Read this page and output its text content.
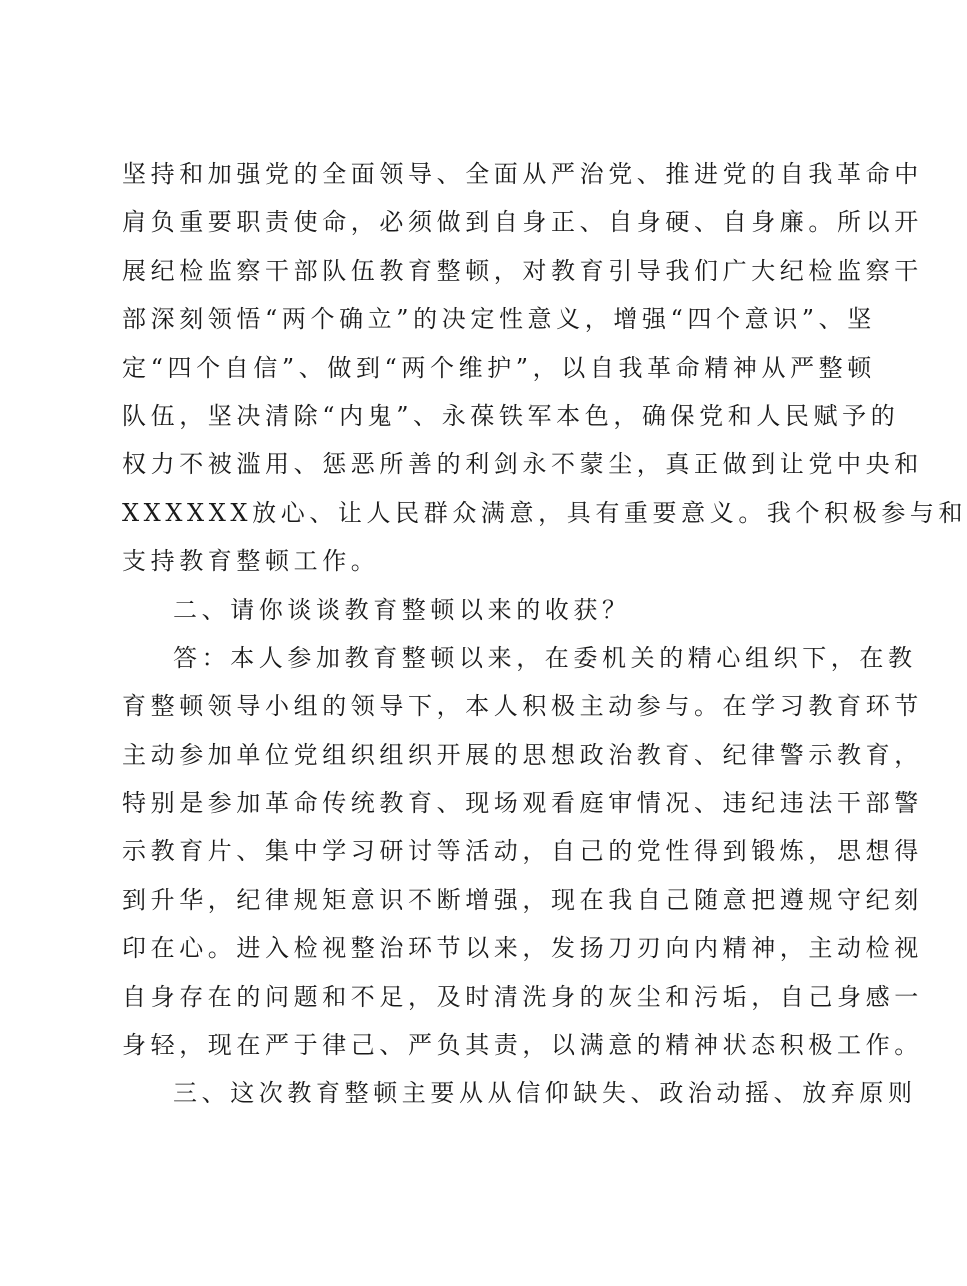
坚持和加强党的全面领导、全面从严治党、推进党的自我革命中
肩负重要职责使命，必须做到自身正、自身硬、自身廉。所以开
展纪检监察干部队伍教育整顿，对教育引导我们广大纪检监察干
部深刻领悟“两个确立”的决定性意义，增强“四个意识”、坚
定“四个自信”、做到“两个维护”，以自我革命精神从严整顿
队伍，坚决清除“内鬼”、永葆铁军本色，确保党和人民赋予的
权力不被滥用、惩恶所善的利剑永不蒙尘，真正做到让党中央和
XXXXXX放心、让人民群众满意，具有重要意义。我个积极参与和
支持教育整顿工作。
二、请你谈谈教育整顿以来的收获？
答：本人参加教育整顿以来，在委机关的精心组织下，在教
育整顿领导小组的领导下，本人积极主动参与。在学习教育环节
主动参加单位党组织组织开展的思想政治教育、纪律警示教育，
特别是参加革命传统教育、现场观看庭审情况、违纪违法干部警
示教育片、集中学习研讨等活动，自己的党性得到锻炼，思想得
到升华，纪律规矩意识不断增强，现在我自己随意把遵规守纪刻
印在心。进入检视整治环节以来，发扬刀刃向内精神，主动检视
自身存在的问题和不足，及时清洗身的灰尘和污垢，自己身感一
身轻，现在严于律己、严负其责，以满意的精神状态积极工作。
三、这次教育整顿主要从从信仰缺失、政治动摇、放弃原则
